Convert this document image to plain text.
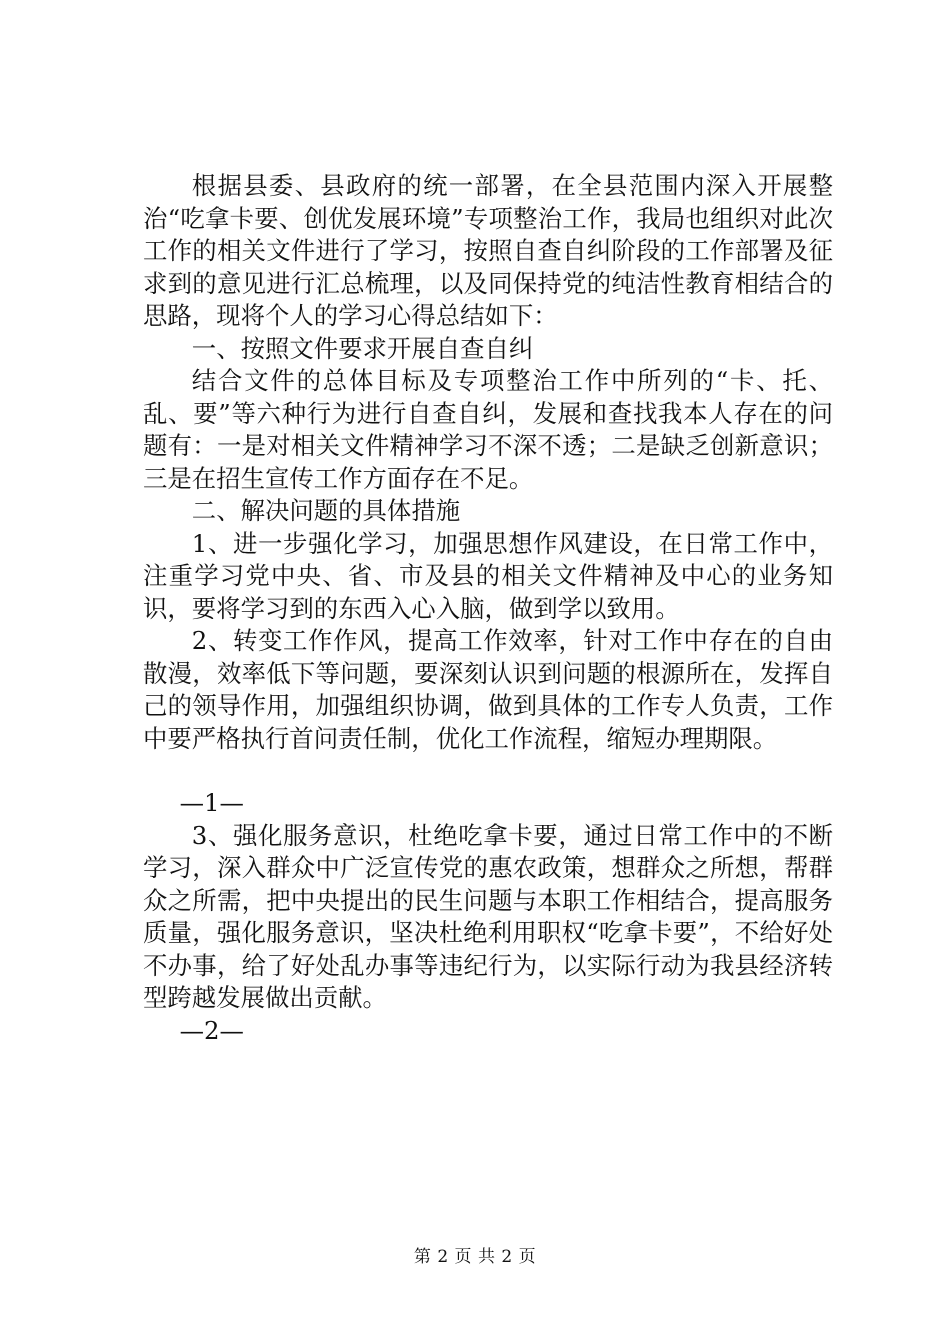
根据县委、县政府的统一部署，在全县范围内深入开展整治“吃拿卡要、创优发展环境”专项整治工作，我局也组织对此次工作的相关文件进行了学习，按照自查自纠阶段的工作部署及征求到的意见进行汇总梳理，以及同保持党的纯洁性教育相结合的思路，现将个人的学习心得总结如下：

一、按照文件要求开展自查自纠

结合文件的总体目标及专项整治工作中所列的“卡、托、乱、要”等六种行为进行自查自纠，发展和查找我本人存在的问题有：一是对相关文件精神学习不深不透；二是缺乏创新意识；三是在招生宣传工作方面存在不足。

二、解决问题的具体措施

1、进一步强化学习，加强思想作风建设，在日常工作中，注重学习党中央、省、市及县的相关文件精神及中心的业务知识，要将学习到的东西入心入脑，做到学以致用。

2、转变工作作风，提高工作效率，针对工作中存在的自由散漫，效率低下等问题，要深刻认识到问题的根源所在，发挥自己的领导作用，加强组织协调，做到具体的工作专人负责，工作中要严格执行首问责任制，优化工作流程，缩短办理期限。

—1—

3、强化服务意识，杜绝吃拿卡要，通过日常工作中的不断学习，深入群众中广泛宣传党的惠农政策，想群众之所想，帮群众之所需，把中央提出的民生问题与本职工作相结合，提高服务质量，强化服务意识，坚决杜绝利用职权“吃拿卡要”，不给好处不办事，给了好处乱办事等违纪行为，以实际行动为我县经济转型跨越发展做出贡献。

—2—

第 2 页 共 2 页
